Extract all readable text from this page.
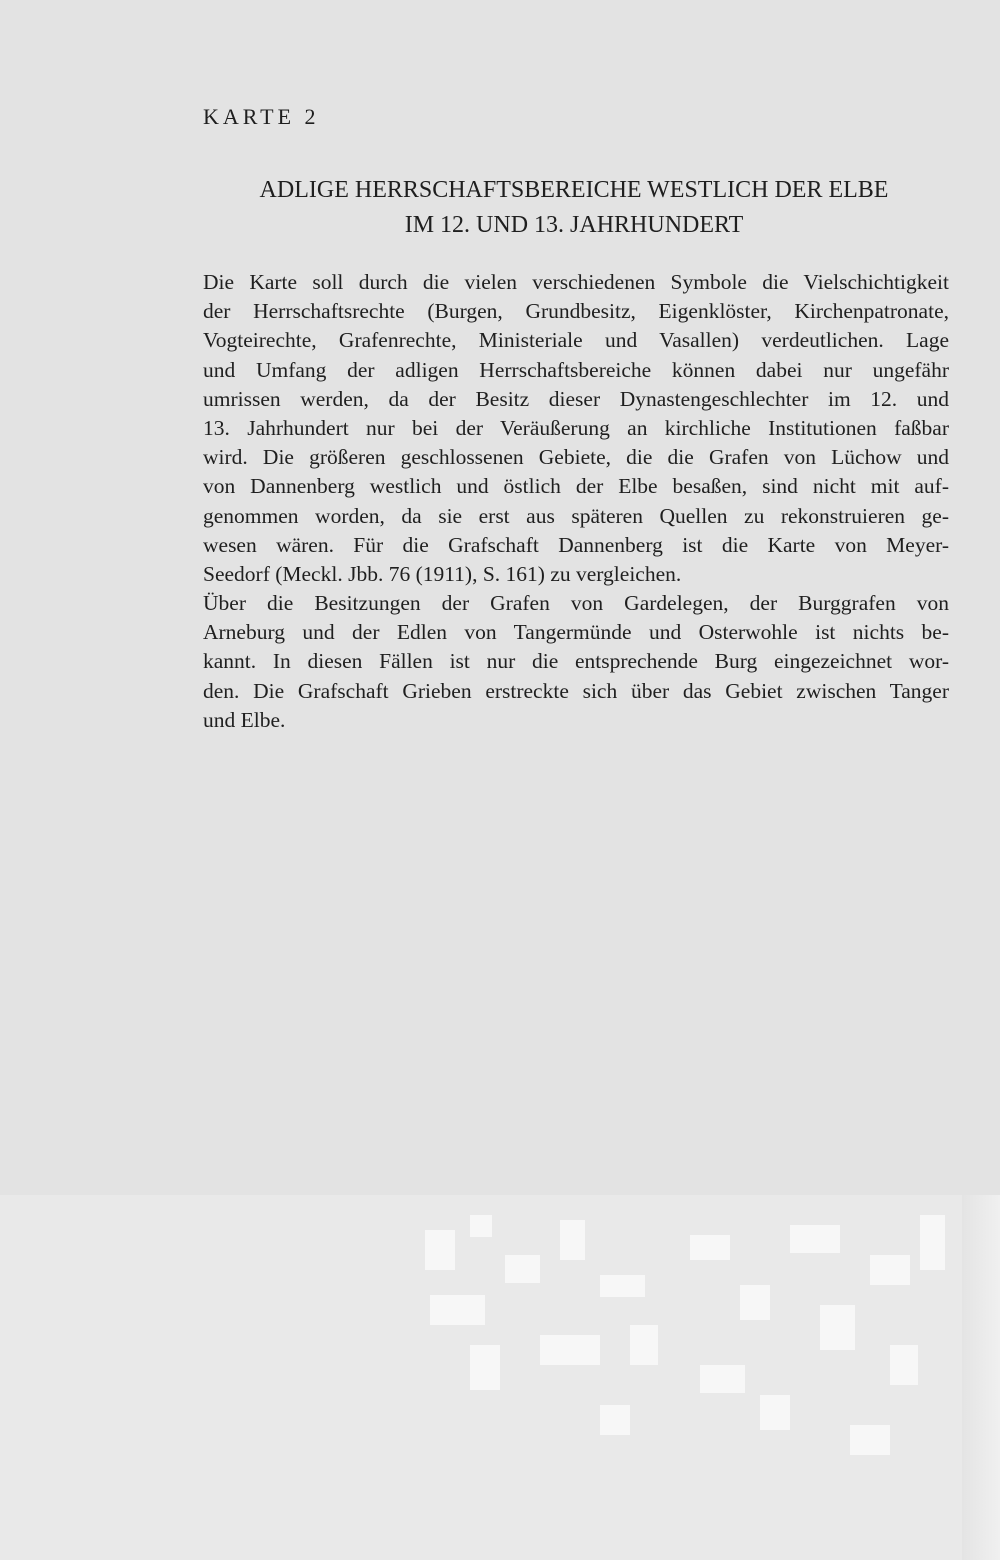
KARTE 2
ADLIGE HERRSCHAFTSBEREICHE WESTLICH DER ELBE
IM 12. UND 13. JAHRHUNDERT
Die Karte soll durch die vielen verschiedenen Symbole die Vielschichtigkeit
der Herrschaftsrechte (Burgen, Grundbesitz, Eigenklöster, Kirchenpatronate,
Vogteirechte, Grafenrechte, Ministeriale und Vasallen) verdeutlichen. Lage
und Umfang der adligen Herrschaftsbereiche können dabei nur ungefähr
umrissen werden, da der Besitz dieser Dynastengeschlechter im 12. und
13. Jahrhundert nur bei der Veräußerung an kirchliche Institutionen faßbar
wird. Die größeren geschlossenen Gebiete, die die Grafen von Lüchow und
von Dannenberg westlich und östlich der Elbe besaßen, sind nicht mit auf-
genommen worden, da sie erst aus späteren Quellen zu rekonstruieren ge-
wesen wären. Für die Grafschaft Dannenberg ist die Karte von Meyer-
Seedorf (Meckl. Jbb. 76 (1911), S. 161) zu vergleichen.
Über die Besitzungen der Grafen von Gardelegen, der Burggrafen von
Arneburg und der Edlen von Tangermünde und Osterwohle ist nichts be-
kannt. In diesen Fällen ist nur die entsprechende Burg eingezeichnet wor-
den. Die Grafschaft Grieben erstreckte sich über das Gebiet zwischen Tanger
und Elbe.
